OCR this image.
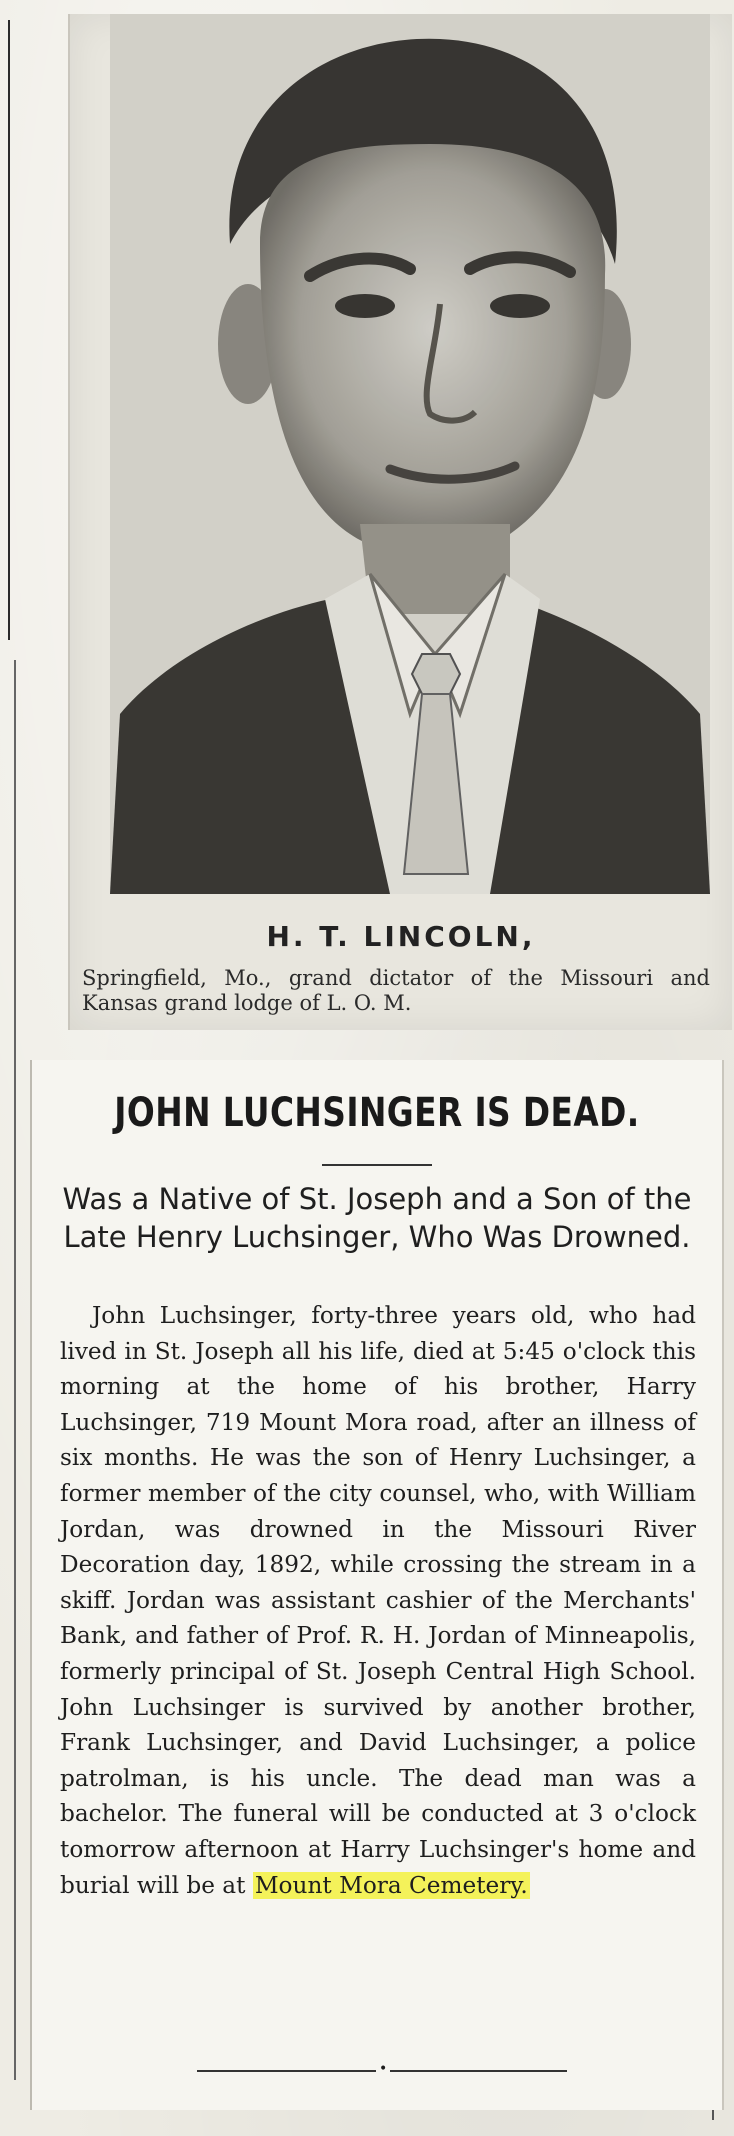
H. T. LINCOLN,
Springfield, Mo., grand dictator of the Missouri and Kansas grand lodge of L. O. M.
JOHN LUCHSINGER IS DEAD.
Was a Native of St. Joseph and a Son of the Late Henry Luchsinger, Who Was Drowned.
John Luchsinger, forty-three years old, who had lived in St. Joseph all his life, died at 5:45 o'clock this morning at the home of his brother, Harry Luchsinger, 719 Mount Mora road, after an illness of six months. He was the son of Henry Luchsinger, a former member of the city counsel, who, with William Jordan, was drowned in the Missouri River Decoration day, 1892, while crossing the stream in a skiff. Jordan was assistant cashier of the Merchants' Bank, and father of Prof. R. H. Jordan of Minneapolis, formerly principal of St. Joseph Central High School. John Luchsinger is survived by another brother, Frank Luchsinger, and David Luchsinger, a police patrolman, is his uncle. The dead man was a bachelor. The funeral will be conducted at 3 o'clock tomorrow afternoon at Harry Luchsinger's home and burial will be at Mount Mora Cemetery.
•
